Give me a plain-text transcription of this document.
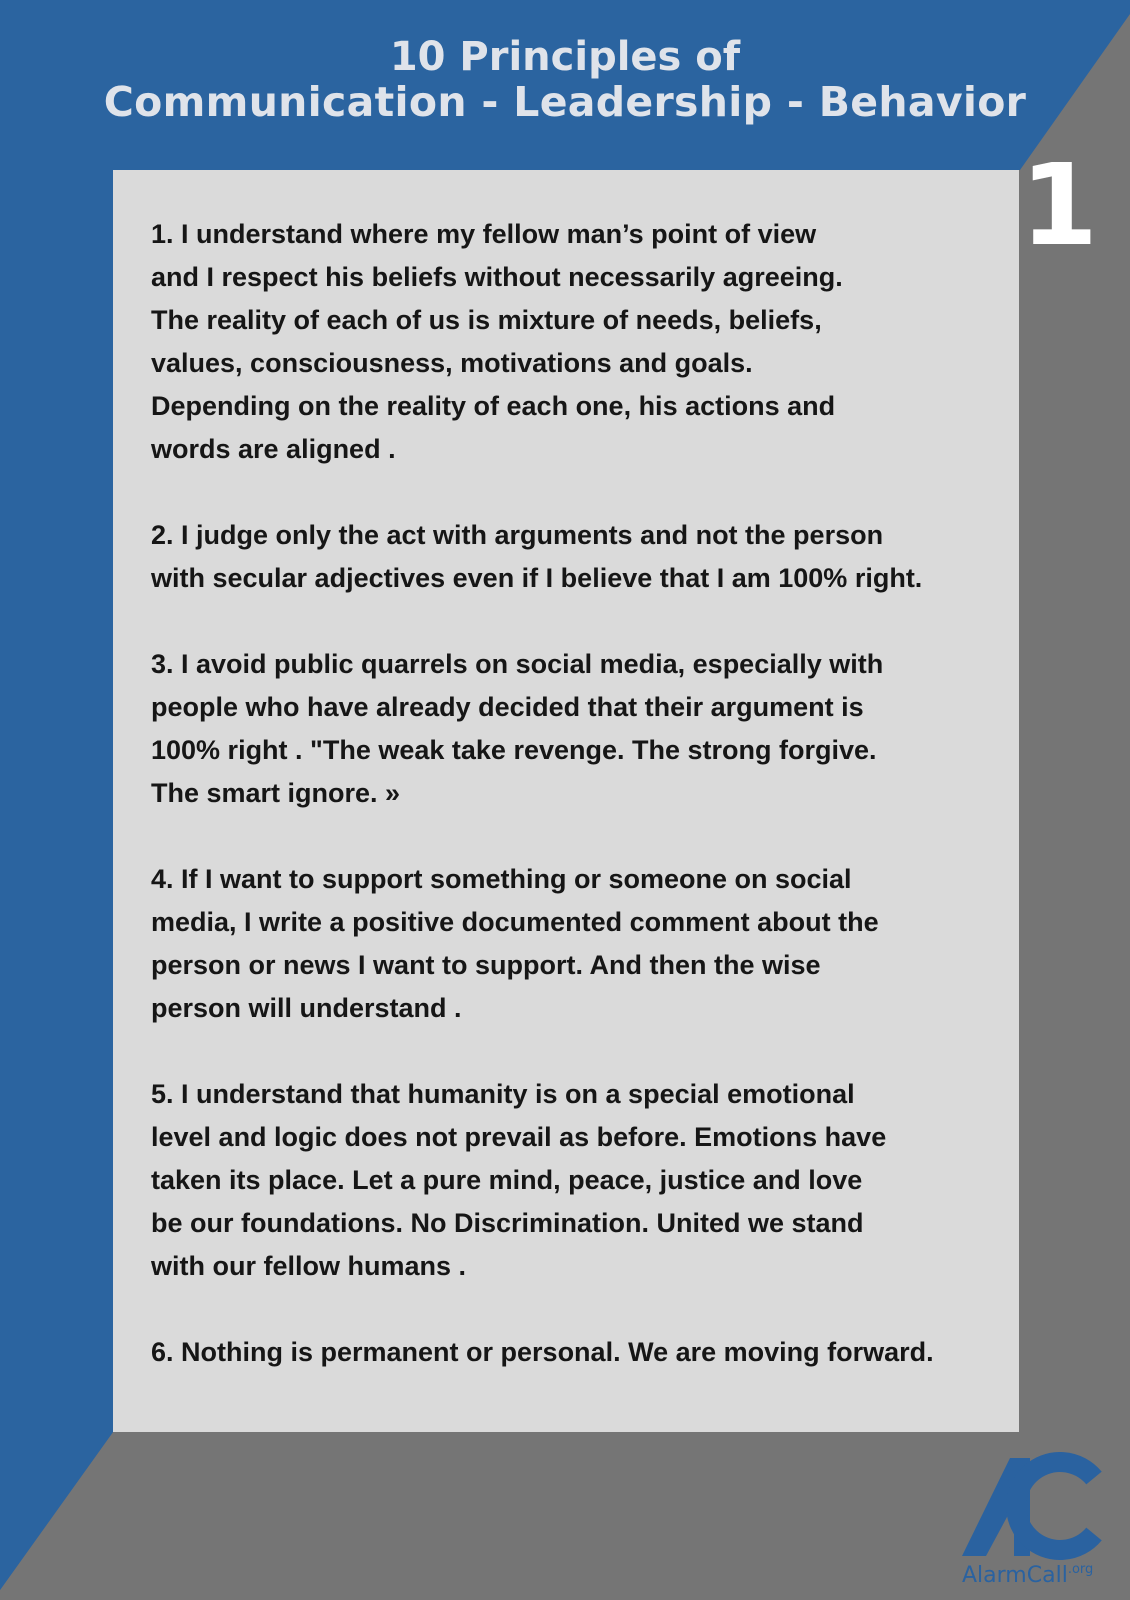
10 Principles of
Communication - Leadership - Behavior
1

1. I understand where my fellow man’s point of view
and I respect his beliefs without necessarily agreeing.
The reality of each of us is mixture of needs, beliefs,
values, consciousness, motivations and goals.
Depending on the reality of each one, his actions and
words are aligned .

2. I judge only the act with arguments and not the person
with secular adjectives even if I believe that I am 100% right.

3. I avoid public quarrels on social media, especially with
people who have already decided that their argument is
100% right . "The weak take revenge. The strong forgive.
The smart ignore. »

4. If I want to support something or someone on social
media, I write a positive documented comment about the
person or news I want to support. And then the wise
person will understand .

5. I understand that humanity is on a special emotional
level and logic does not prevail as before. Emotions have
taken its place. Let a pure mind, peace, justice and love
be our foundations. No Discrimination. United we stand
with our fellow humans .

6. Nothing is permanent or personal. We are moving forward.

AlarmCall$^{.org}$
